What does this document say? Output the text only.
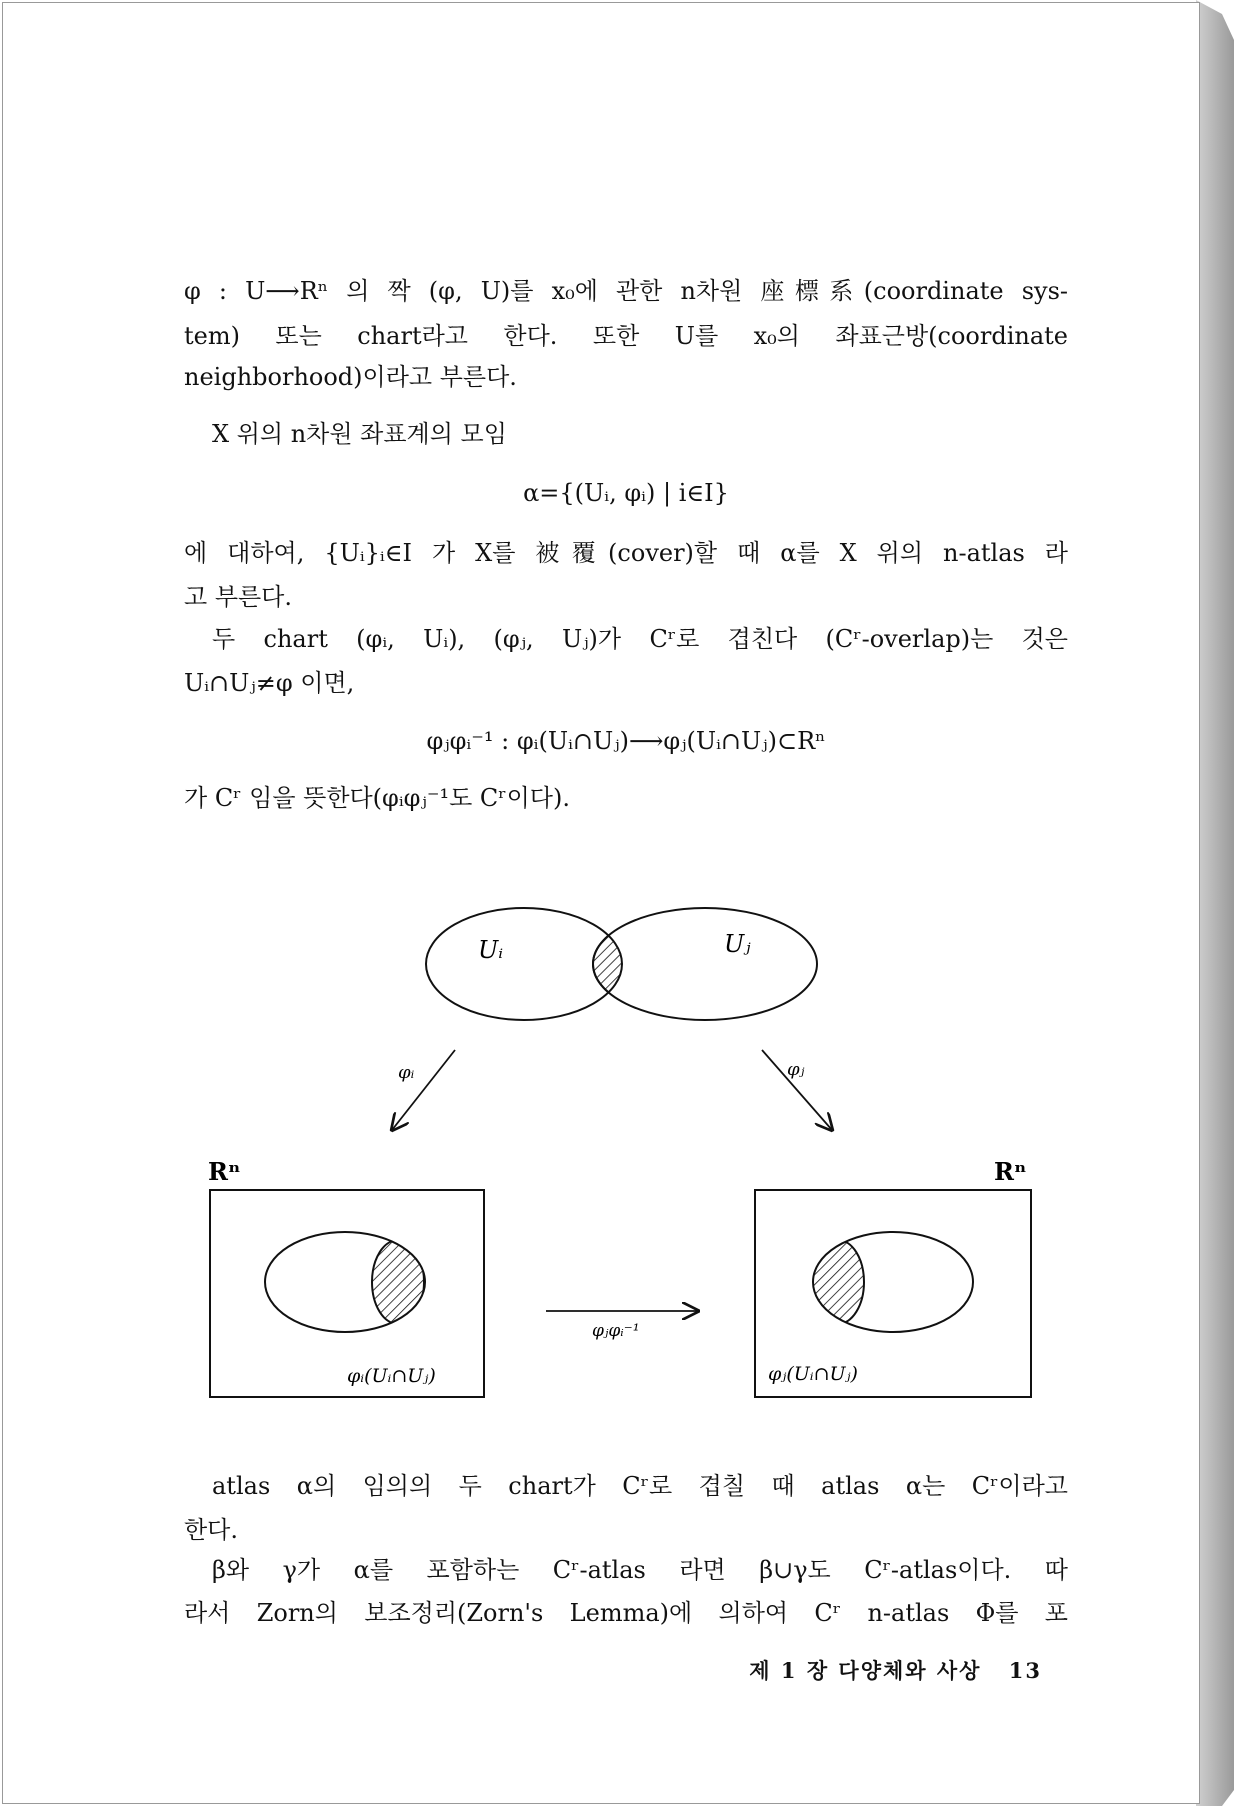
φ : U⟶Rⁿ 의 짝 (φ, U)를 x₀에 관한 n차원 座標系(coordinate sys-
tem) 또는 chart라고 한다. 또한 U를 x₀의 좌표근방(coordinate
neighborhood)이라고 부른다.
X 위의 n차원 좌표계의 모임
α={(Uᵢ, φᵢ) | i∈I}
에 대하여, {Uᵢ}ᵢ∈I 가 X를 被覆(cover)할 때 α를 X 위의 n-atlas 라
고 부른다.
두 chart (φᵢ, Uᵢ), (φⱼ, Uⱼ)가 Cʳ로 겹친다 (Cʳ-overlap)는 것은
Uᵢ∩Uⱼ≠φ 이면,
φⱼφᵢ⁻¹ : φᵢ(Uᵢ∩Uⱼ)⟶φⱼ(Uᵢ∩Uⱼ)⊂Rⁿ
가 Cʳ 임을 뜻한다(φᵢφⱼ⁻¹도 Cʳ이다).
Uᵢ	Uⱼ
φᵢ	φⱼ
Rⁿ	Rⁿ
φᵢ(Uᵢ∩Uⱼ)	φⱼ(Uᵢ∩Uⱼ)
φⱼφᵢ⁻¹
atlas α의 임의의 두 chart가 Cʳ로 겹칠 때 atlas α는 Cʳ이라고
한다.
β와 γ가 α를 포함하는 Cʳ-atlas 라면 β∪γ도 Cʳ-atlas이다. 따
라서 Zorn의 보조정리(Zorn's Lemma)에 의하여 Cʳ n-atlas Φ를 포
제 1 장 다양체와 사상 13
